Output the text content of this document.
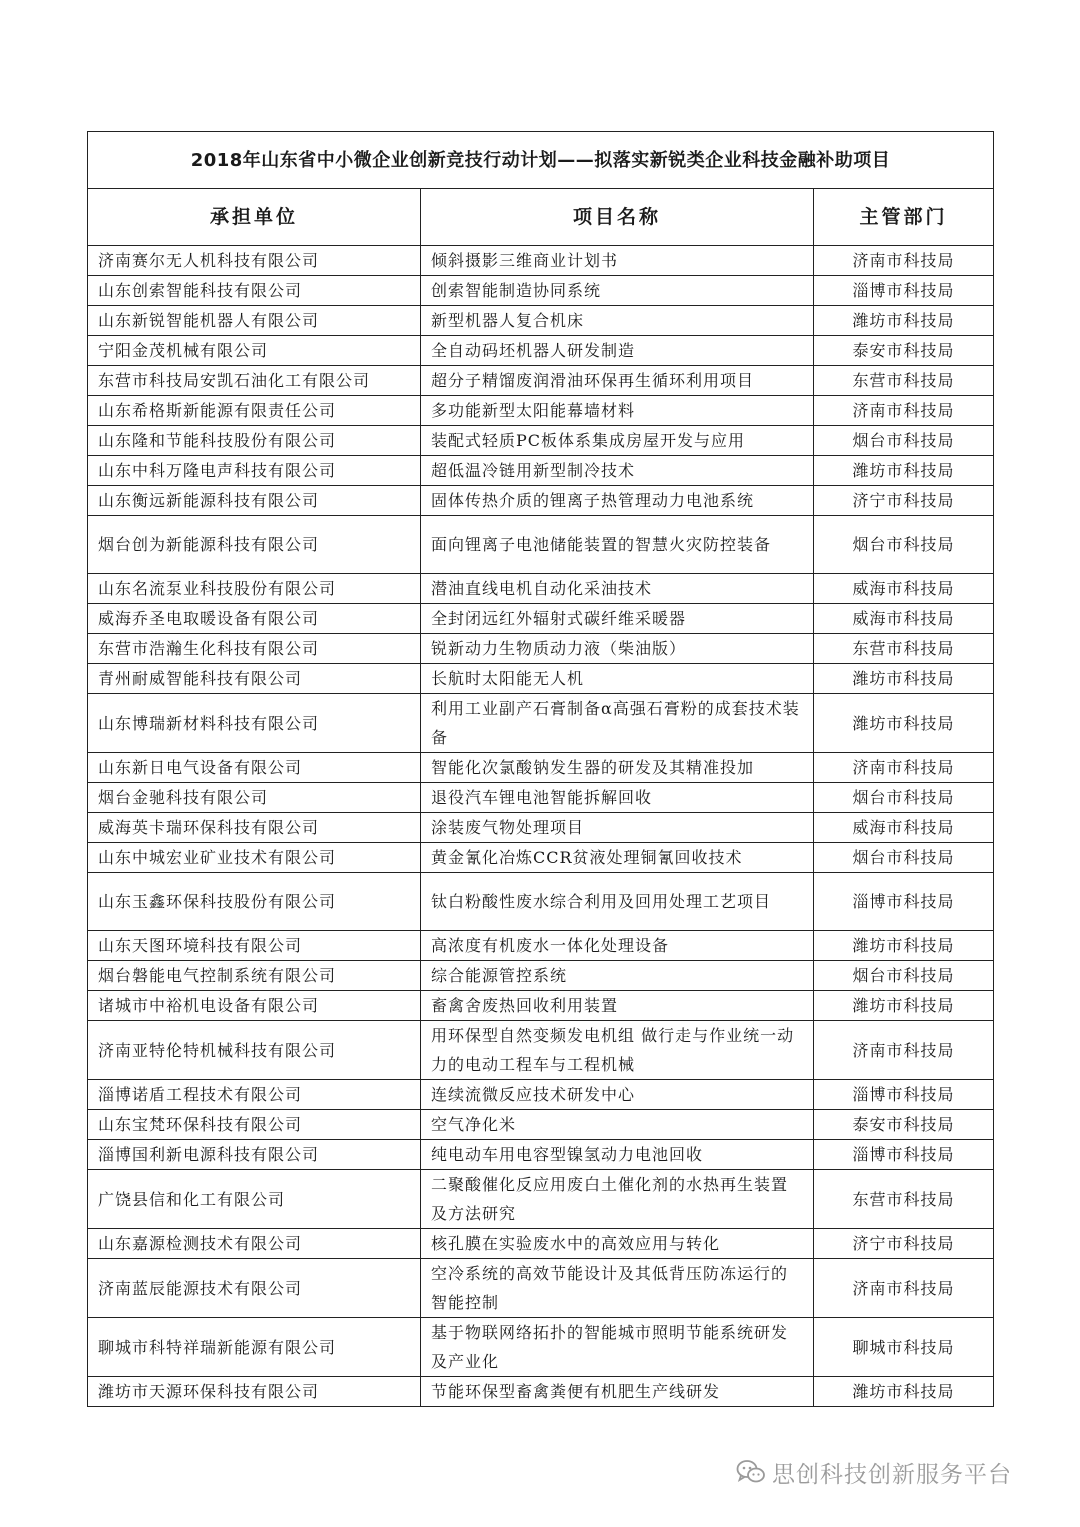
2018年山东省中小微企业创新竞技行动计划——拟落实新锐类企业科技金融补助项目		
承担单位	项目名称	主管部门
济南赛尔无人机科技有限公司	倾斜摄影三维商业计划书	济南市科技局
山东创索智能科技有限公司	创索智能制造协同系统	淄博市科技局
山东新锐智能机器人有限公司	新型机器人复合机床	潍坊市科技局
宁阳金茂机械有限公司	全自动码坯机器人研发制造	泰安市科技局
东营市科技局安凯石油化工有限公司	超分子精馏废润滑油环保再生循环利用项目	东营市科技局
山东希格斯新能源有限责任公司	多功能新型太阳能幕墙材料	济南市科技局
山东隆和节能科技股份有限公司	装配式轻质PC板体系集成房屋开发与应用	烟台市科技局
山东中科万隆电声科技有限公司	超低温冷链用新型制冷技术	潍坊市科技局
山东衡远新能源科技有限公司	固体传热介质的锂离子热管理动力电池系统	济宁市科技局
烟台创为新能源科技有限公司	面向锂离子电池储能装置的智慧火灾防控装备	烟台市科技局
山东名流泵业科技股份有限公司	潜油直线电机自动化采油技术	威海市科技局
威海乔圣电取暖设备有限公司	全封闭远红外辐射式碳纤维采暖器	威海市科技局
东营市浩瀚生化科技有限公司	锐新动力生物质动力液（柴油版）	东营市科技局
青州耐威智能科技有限公司	长航时太阳能无人机	潍坊市科技局
山东博瑞新材料科技有限公司	利用工业副产石膏制备α高强石膏粉的成套技术装备	潍坊市科技局
山东新日电气设备有限公司	智能化次氯酸钠发生器的研发及其精准投加	济南市科技局
烟台金驰科技有限公司	退役汽车锂电池智能拆解回收	烟台市科技局
威海英卡瑞环保科技有限公司	涂装废气物处理项目	威海市科技局
山东中城宏业矿业技术有限公司	黄金氰化冶炼CCR贫液处理铜氰回收技术	烟台市科技局
山东玉鑫环保科技股份有限公司	钛白粉酸性废水综合利用及回用处理工艺项目	淄博市科技局
山东天图环境科技有限公司	高浓度有机废水一体化处理设备	潍坊市科技局
烟台磐能电气控制系统有限公司	综合能源管控系统	烟台市科技局
诸城市中裕机电设备有限公司	畜禽舍废热回收利用装置	潍坊市科技局
济南亚特伦特机械科技有限公司	用环保型自然变频发电机组 做行走与作业统一动力的电动工程车与工程机械	济南市科技局
淄博诺盾工程技术有限公司	连续流微反应技术研发中心	淄博市科技局
山东宝梵环保科技有限公司	空气净化米	泰安市科技局
淄博国利新电源科技有限公司	纯电动车用电容型镍氢动力电池回收	淄博市科技局
广饶县信和化工有限公司	二聚酸催化反应用废白土催化剂的水热再生装置及方法研究	东营市科技局
山东嘉源检测技术有限公司	核孔膜在实验废水中的高效应用与转化	济宁市科技局
济南蓝辰能源技术有限公司	空冷系统的高效节能设计及其低背压防冻运行的智能控制	济南市科技局
聊城市科特祥瑞新能源有限公司	基于物联网络拓扑的智能城市照明节能系统研发及产业化	聊城市科技局
潍坊市天源环保科技有限公司	节能环保型畜禽粪便有机肥生产线研发	潍坊市科技局
思创科技创新服务平台
